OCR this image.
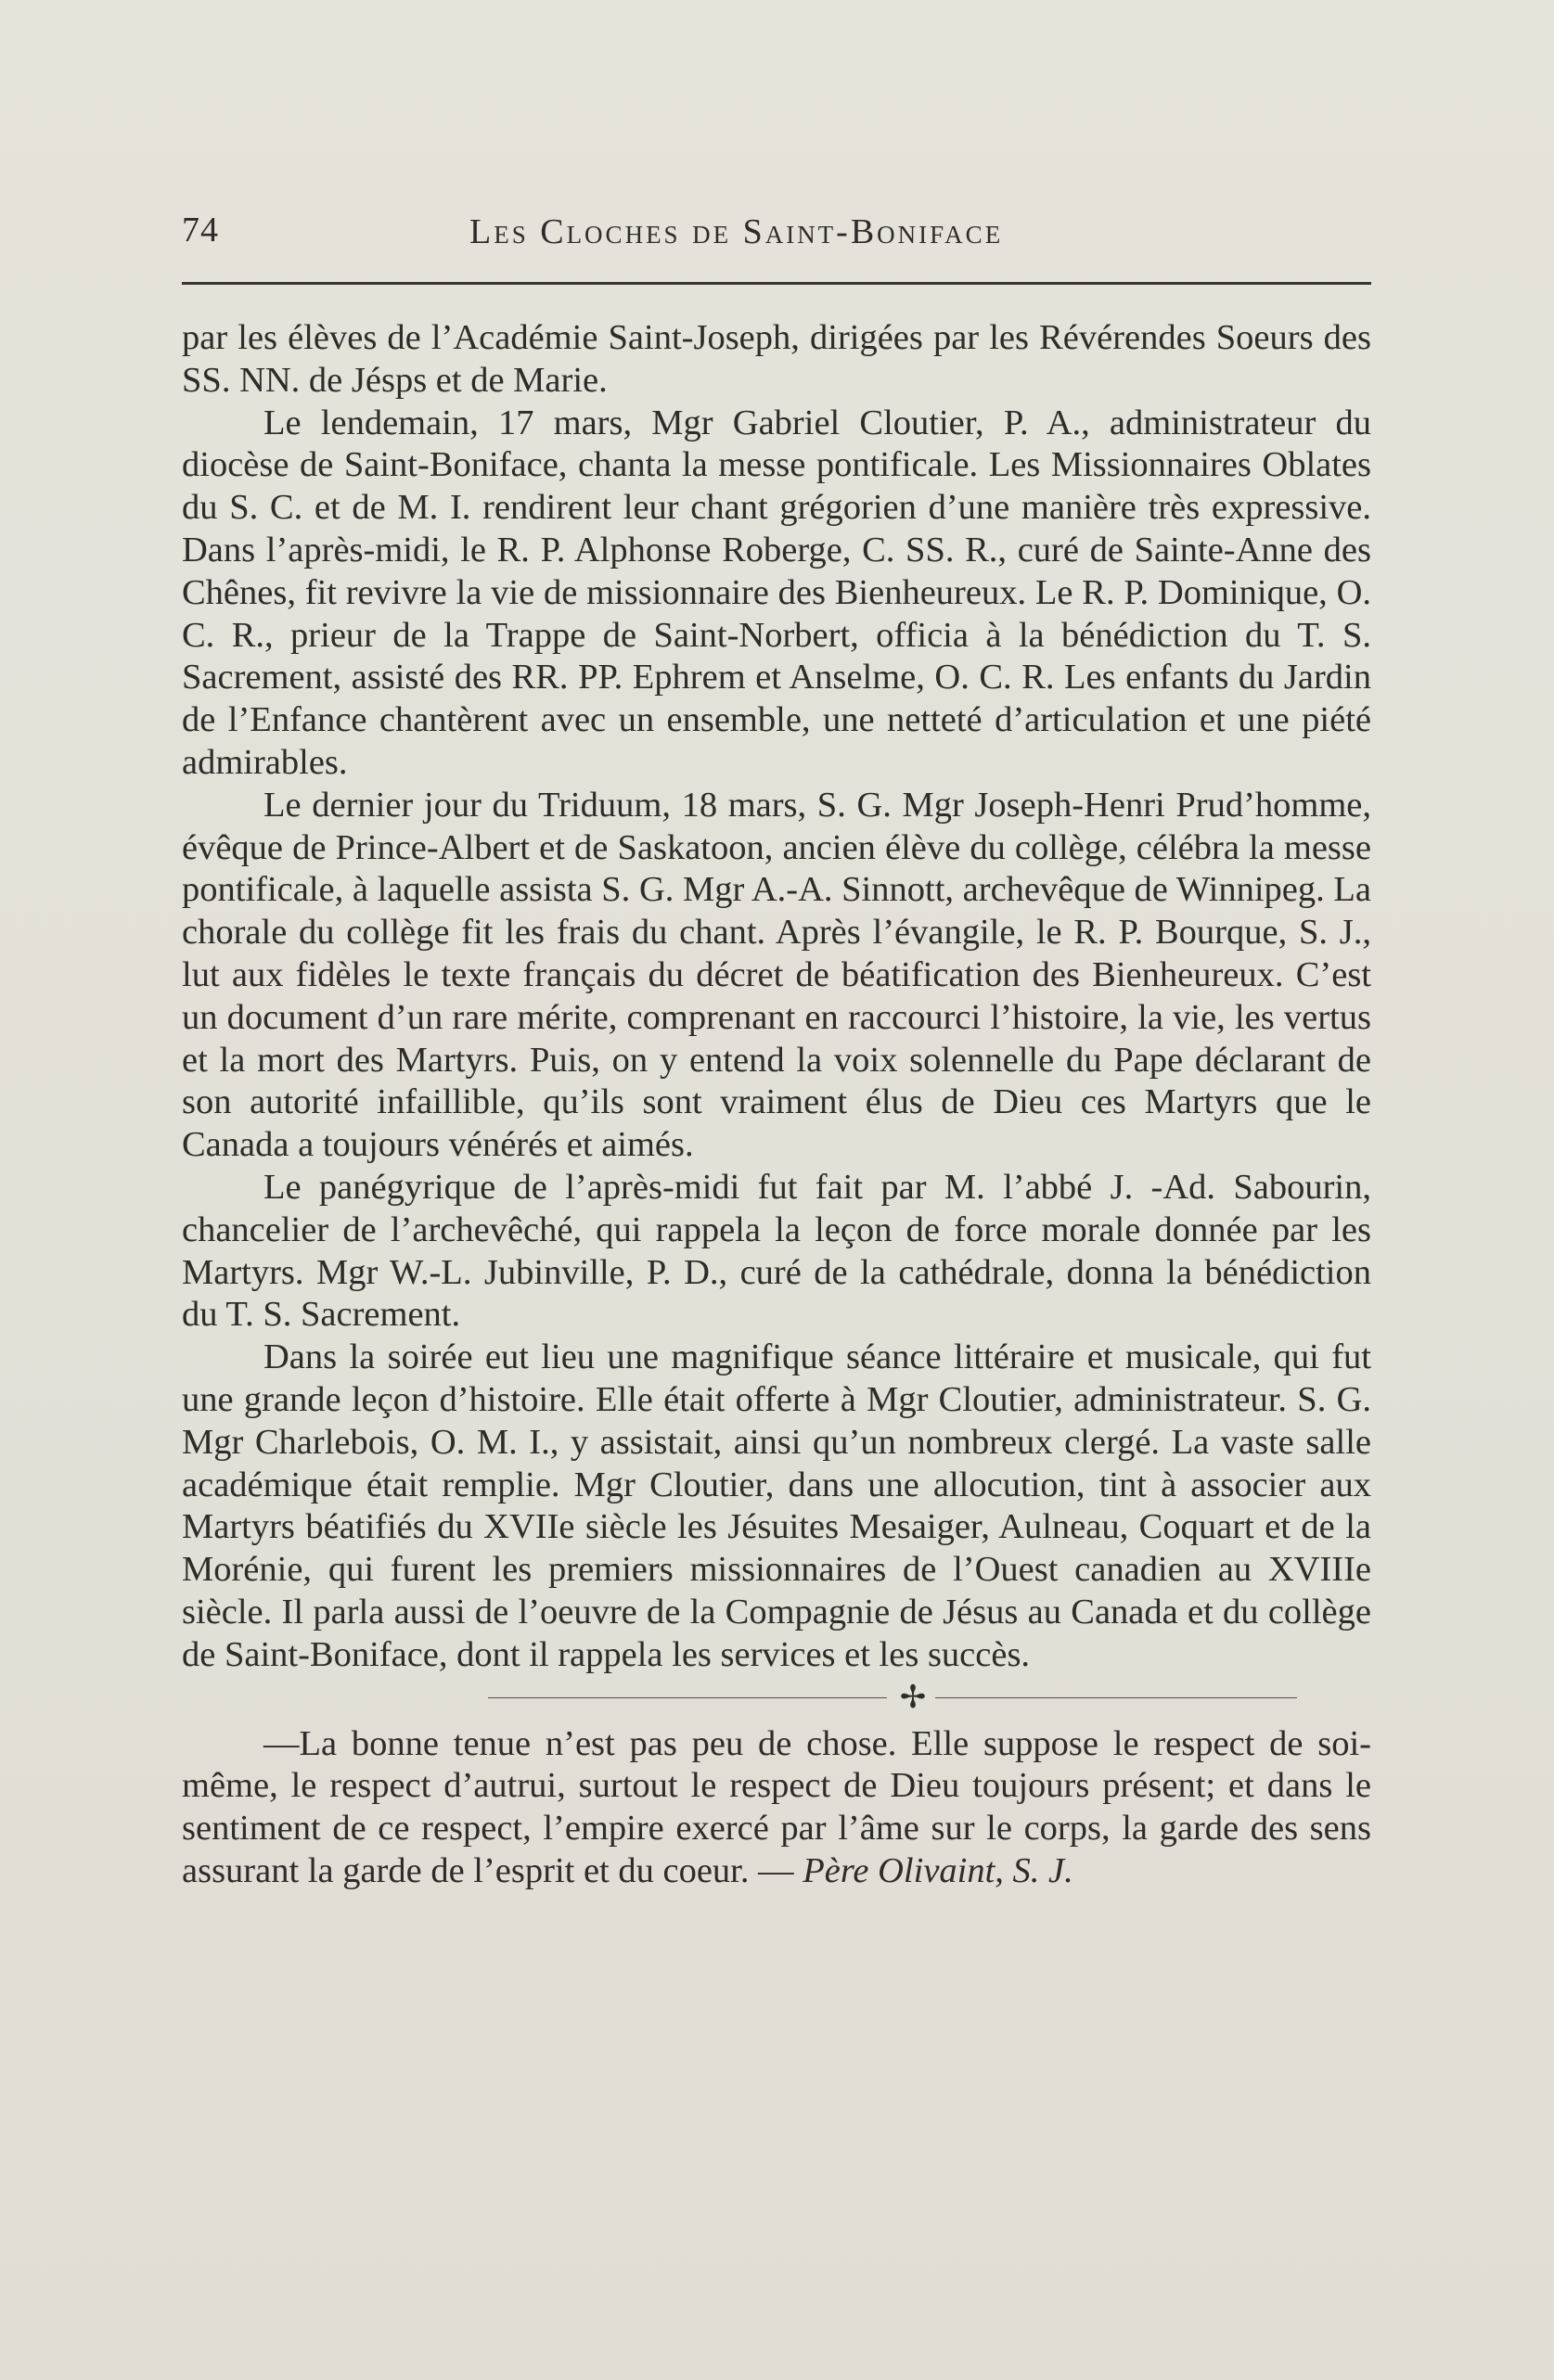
74	Les Cloches de Saint-Boniface

par les élèves de l’Académie Saint-Joseph, dirigées par les Révérendes Soeurs des SS. NN. de Jésps et de Marie.

Le lendemain, 17 mars, Mgr Gabriel Cloutier, P. A., administrateur du diocèse de Saint-Boniface, chanta la messe pontificale. Les Missionnaires Oblates du S. C. et de M. I. rendirent leur chant grégorien d’une manière très expressive. Dans l’après-midi, le R. P. Alphonse Roberge, C. SS. R., curé de Sainte-Anne des Chênes, fit revivre la vie de missionnaire des Bienheureux. Le R. P. Dominique, O. C. R., prieur de la Trappe de Saint-Norbert, officia à la bénédiction du T. S. Sacrement, assisté des RR. PP. Ephrem et Anselme, O. C. R. Les enfants du Jardin de l’Enfance chantèrent avec un ensemble, une netteté d’articulation et une piété admirables.

Le dernier jour du Triduum, 18 mars, S. G. Mgr Joseph-Henri Prud’homme, évêque de Prince-Albert et de Saskatoon, ancien élève du collège, célébra la messe pontificale, à laquelle assista S. G. Mgr A.-A. Sinnott, archevêque de Winnipeg. La chorale du collège fit les frais du chant. Après l’évangile, le R. P. Bourque, S. J., lut aux fidèles le texte français du décret de béatification des Bienheureux. C’est un document d’un rare mérite, comprenant en raccourci l’histoire, la vie, les vertus et la mort des Martyrs. Puis, on y entend la voix solennelle du Pape déclarant de son autorité infaillible, qu’ils sont vraiment élus de Dieu ces Martyrs que le Canada a toujours vénérés et aimés.

Le panégyrique de l’après-midi fut fait par M. l’abbé J. -Ad. Sabourin, chancelier de l’archevêché, qui rappela la leçon de force morale donnée par les Martyrs. Mgr W.-L. Jubinville, P. D., curé de la cathédrale, donna la bénédiction du T. S. Sacrement.

Dans la soirée eut lieu une magnifique séance littéraire et musicale, qui fut une grande leçon d’histoire. Elle était offerte à Mgr Cloutier, administrateur. S. G. Mgr Charlebois, O. M. I., y assistait, ainsi qu’un nombreux clergé. La vaste salle académique était remplie. Mgr Cloutier, dans une allocution, tint à associer aux Martyrs béatifiés du XVIIe siècle les Jésuites Mesaiger, Aulneau, Coquart et de la Morénie, qui furent les premiers missionnaires de l’Ouest canadien au XVIIIe siècle. Il parla aussi de l’oeuvre de la Compagnie de Jésus au Canada et du collège de Saint-Boniface, dont il rappela les services et les succès.

✢

—La bonne tenue n’est pas peu de chose. Elle suppose le respect de soi-même, le respect d’autrui, surtout le respect de Dieu toujours présent; et dans le sentiment de ce respect, l’empire exercé par l’âme sur le corps, la garde des sens assurant la garde de l’esprit et du coeur. — Père Olivaint, S. J.
